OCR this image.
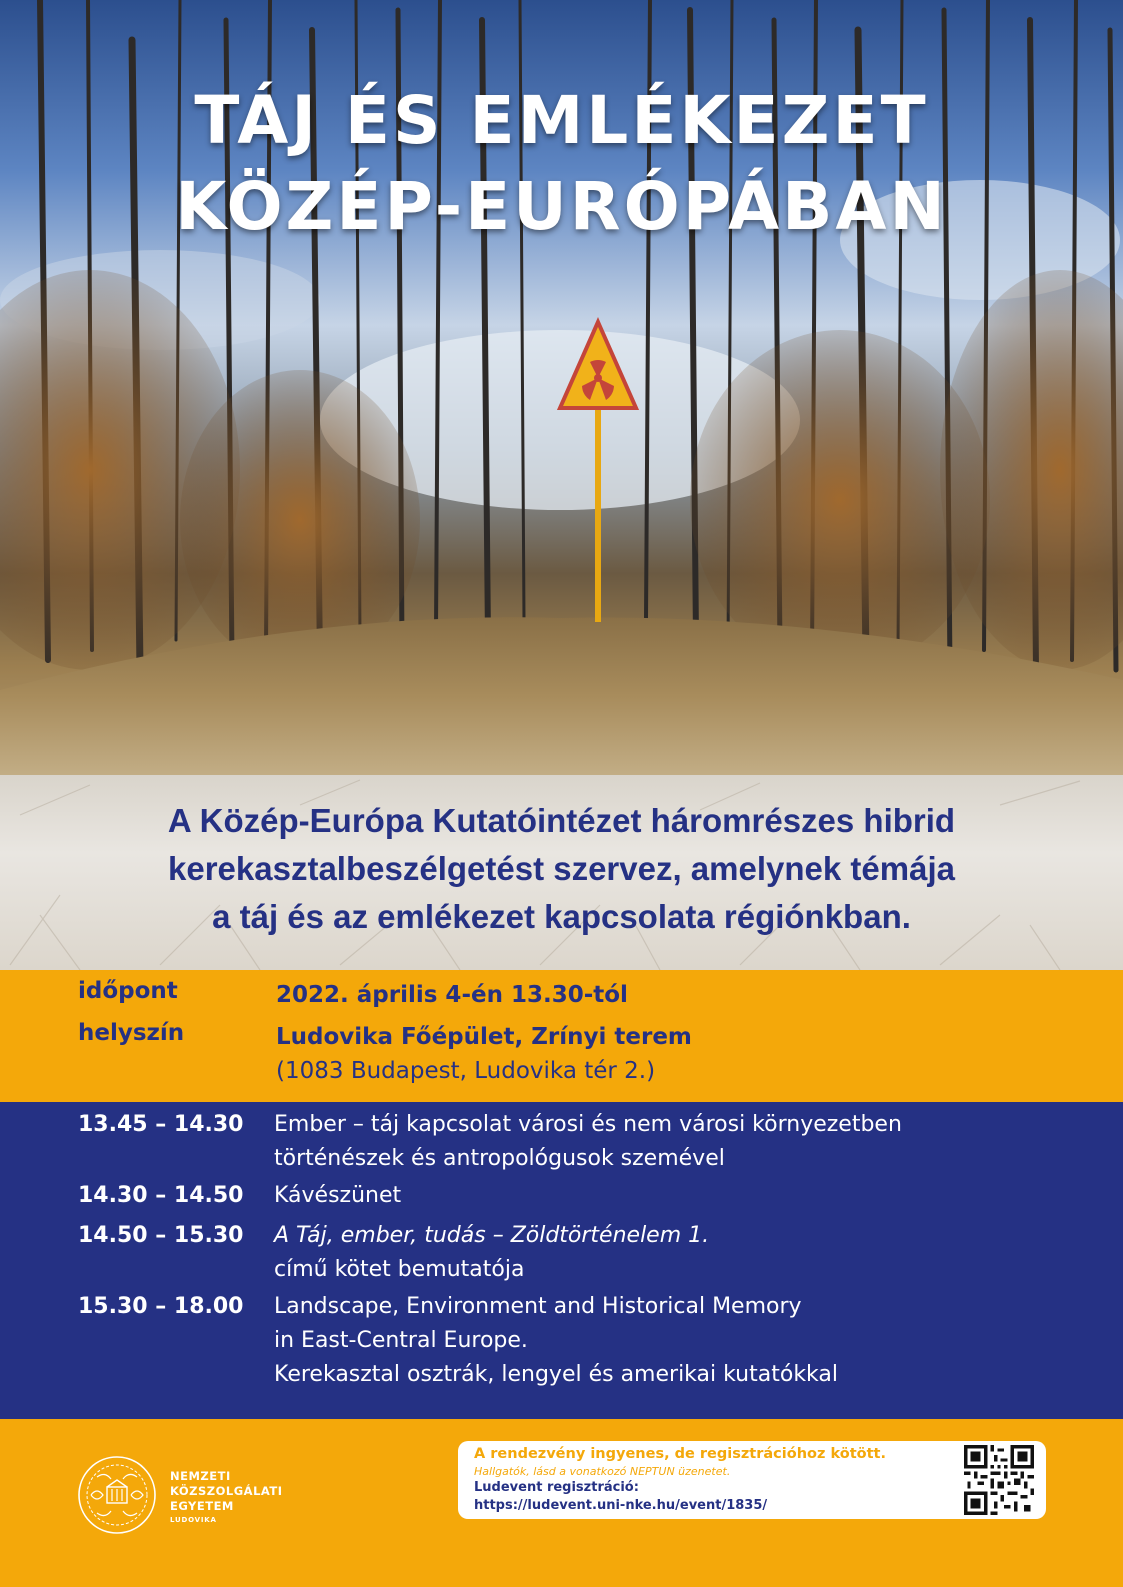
TÁJ ÉS EMLÉKEZET
KÖZÉP-EURÓPÁBAN
A Közép-Európa Kutatóintézet háromrészes hibrid
kerekasztalbeszélgetést szervez, amelynek témája
a táj és az emlékezet kapcsolata régiónkban.
időpont	2022. április 4-én 13.30-tól
helyszín	Ludovika Főépület, Zrínyi terem
(1083 Budapest, Ludovika tér 2.)
13.45 – 14.30	Ember – táj kapcsolat városi és nem városi környezetben
történészek és antropológusok szemével
14.30 – 14.50	Kávészünet
14.50 – 15.30	A Táj, ember, tudás – Zöldtörténelem 1.
című kötet bemutatója
15.30 – 18.00	Landscape, Environment and Historical Memory
in East-Central Europe.
Kerekasztal osztrák, lengyel és amerikai kutatókkal
NEMZETI
KÖZSZOLGÁLATI
EGYETEM
LUDOVIKA
A rendezvény ingyenes, de regisztrációhoz kötött.
Hallgatók, lásd a vonatkozó NEPTUN üzenetet.
Ludevent regisztráció:
https://ludevent.uni-nke.hu/event/1835/
